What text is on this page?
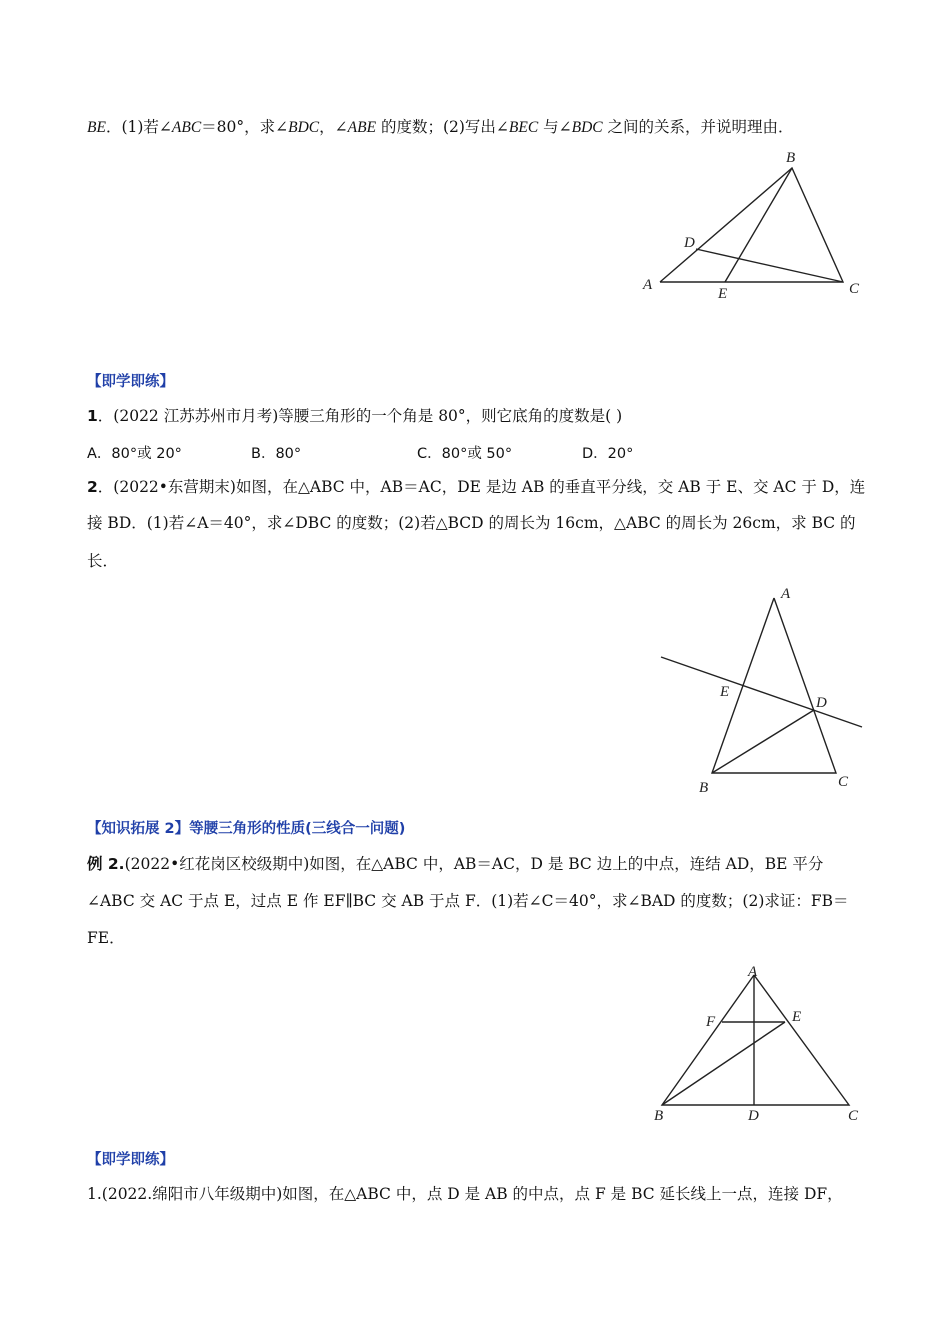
BE．(1)若∠ABC＝80°，求∠BDC，∠ABE 的度数；(2)写出∠BEC 与∠BDC 之间的关系，并说明理由．
B
D
A
E	C
【即学即练】
1．(2022 江苏苏州市月考)等腰三角形的一个角是 80°，则它底角的度数是( )
A．80°或 20°	B．80°	C．80°或 50°	D．20°
2．(2022•东营期末)如图，在△ABC 中，AB＝AC，DE 是边 AB 的垂直平分线，交 AB 于 E、交 AC 于 D，连
接 BD．(1)若∠A＝40°，求∠DBC 的度数；(2)若△BCD 的周长为 16cm，△ABC 的周长为 26cm，求 BC 的
长．
A
E
D
B	C
【知识拓展 2】等腰三角形的性质(三线合一问题)
例 2.(2022•红花岗区校级期中)如图，在△ABC 中，AB＝AC，D 是 BC 边上的中点，连结 AD，BE 平分
∠ABC 交 AC 于点 E，过点 E 作 EF∥BC 交 AB 于点 F．(1)若∠C＝40°，求∠BAD 的度数；(2)求证：FB＝
FE．
A
F	E
B	D	C
【即学即练】
1.(2022.绵阳市八年级期中)如图，在△ABC 中，点 D 是 AB 的中点，点 F 是 BC 延长线上一点，连接 DF，
